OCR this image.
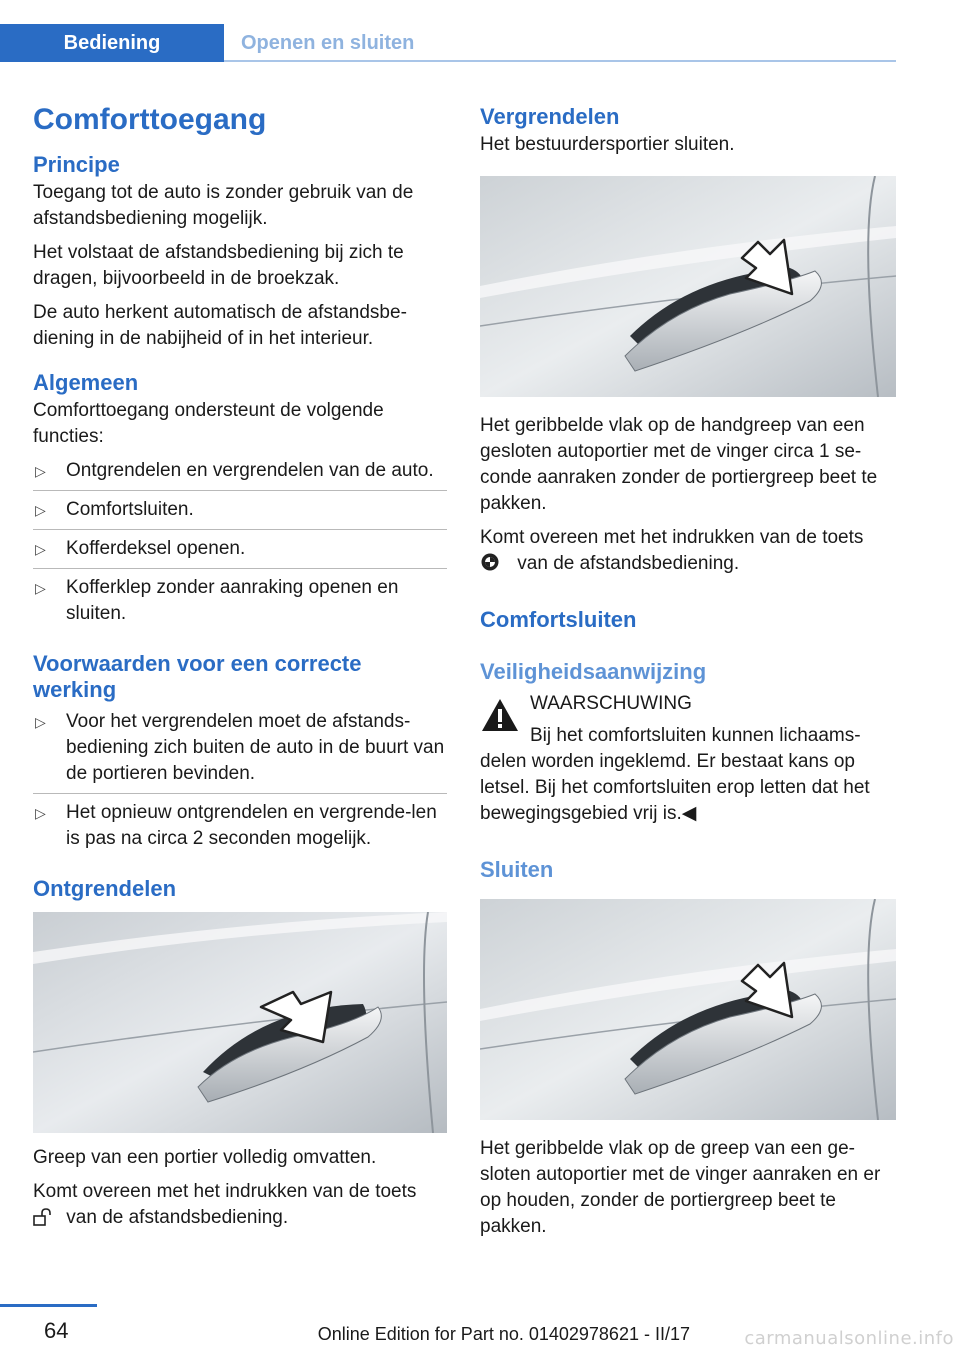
Bediening	Openen en sluiten
Comforttoegang
Principe

Toegang tot de auto is zonder gebruik van de afstandsbediening mogelijk.

Het volstaat de afstandsbediening bij zich te dragen, bijvoorbeeld in de broekzak.

De auto herkent automatisch de afstandsbe‐diening in de nabijheid of in het interieur.

Algemeen

Comforttoegang ondersteunt de volgende functies:

▷ Ontgrendelen en vergrendelen van de auto.
▷ Comfortsluiten.
▷ Kofferdeksel openen.
▷ Kofferklep zonder aanraking openen en sluiten.
Voorwaarden voor een correcte werking
▷ Voor het vergrendelen moet de afstands‐bediening zich buiten de auto in de buurt van de portieren bevinden.
▷ Het opnieuw ontgrendelen en vergrende‐len is pas na circa 2 seconden mogelijk.
Ontgrendelen

Greep van een portier volledig omvatten.

Komt overeen met het indrukken van de toets
van de afstandsbediening.

Vergrendelen

Het bestuurdersportier sluiten.

Het geribbelde vlak op de handgreep van een gesloten autoportier met de vinger circa 1 se‐conde aanraken zonder de portiergreep beet te pakken.

Komt overeen met het indrukken van de toets
van de afstandsbediening.

Comfortsluiten
Veiligheidsaanwijzing
WAARSCHUWING
Bij het comfortsluiten kunnen lichaams‐delen worden ingeklemd. Er bestaat kans op letsel. Bij het comfortsluiten erop letten dat het bewegingsgebied vrij is.◀
Sluiten

Het geribbelde vlak op de greep van een ge‐sloten autoportier met de vinger aanraken en er op houden, zonder de portiergreep beet te pakken.

64	Online Edition for Part no. 01402978621 - II/17	carmanualsonline.info
